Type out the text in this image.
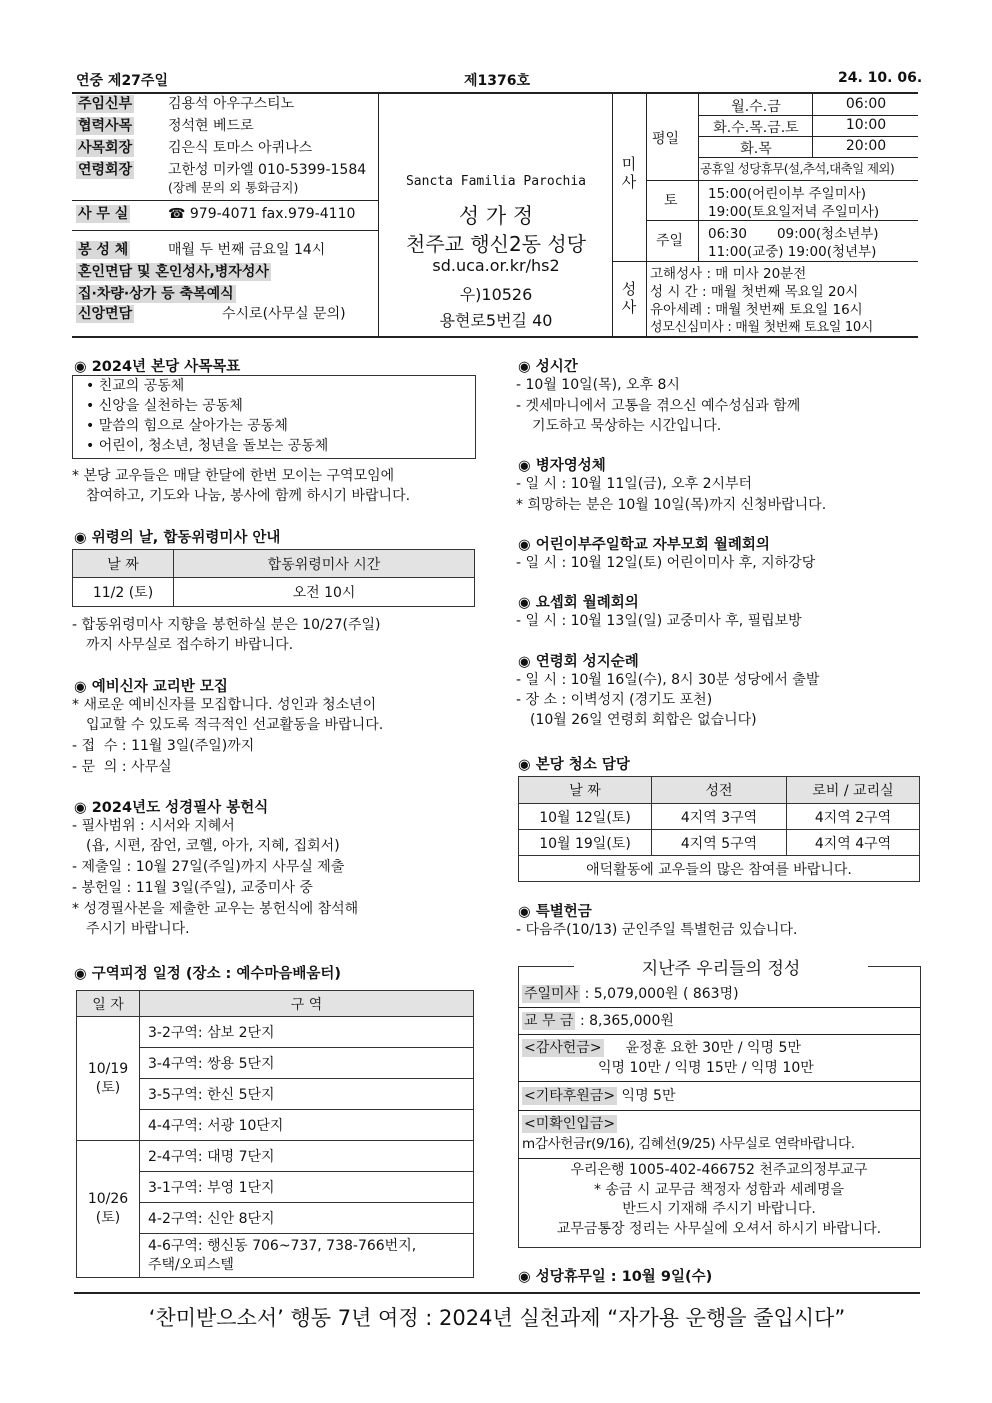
연중 제27주일	제1376호	24. 10. 06.
주임신부	김용석 아우구스티노
협력사목	정석현 베드로
사목회장	김은식 토마스 아퀴나스
연령회장	고한성 미카엘 010-5399-1584
(장례 문의 외 통화금지)
사 무 실	☎ 979-4071 fax.979-4110
봉 성 체	매월 두 번째 금요일 14시
혼인면담 및 혼인성사,병자성사
집·차량·상가 등 축복예식
신앙면담	수시로(사무실 문의)
Sancta Familia Parochia
성 가 정
천주교 행신2동 성당
sd.uca.or.kr/hs2
우)10526
용현로5번길 40
미사
평일
월.수.금	06:00
화.수.목.금.토	10:00
화.목	20:00
공휴일 성당휴무(설,추석,대축일 제외)
토 15:00(어린이부 주일미사)
19:00(토요일저녁 주일미사)
주일 06:30       09:00(청소년부)
11:00(교중) 19:00(청년부)
성사
고해성사 : 매 미사 20분전
성 시 간 : 매월 첫번째 목요일 20시
유아세례 : 매월 첫번째 토요일 16시
성모신심미사 : 매월 첫번째 토요일 10시
◉ 2024년 본당 사목목표
• 친교의 공동체
• 신앙을 실천하는 공동체
• 말씀의 힘으로 살아가는 공동체
• 어린이, 청소년, 청년을 돌보는 공동체
* 본당 교우들은 매달 한달에 한번 모이는 구역모임에
참여하고, 기도와 나눔, 봉사에 함께 하시기 바랍니다.
◉ 위령의 날, 합동위령미사 안내
날 짜	합동위령미사 시간
11/2 (토)	오전 10시
- 합동위령미사 지향을 봉헌하실 분은 10/27(주일)
까지 사무실로 접수하기 바랍니다.
◉ 예비신자 교리반 모집
* 새로운 예비신자를 모집합니다. 성인과 청소년이
입교할 수 있도록 적극적인 선교활동을 바랍니다.
- 접  수 : 11월 3일(주일)까지
- 문  의 : 사무실
◉ 2024년도 성경필사 봉헌식
- 필사범위 : 시서와 지혜서
(욥, 시편, 잠언, 코헬, 아가, 지혜, 집회서)
- 제출일 : 10월 27일(주일)까지 사무실 제출
- 봉헌일 : 11월 3일(주일), 교중미사 중
* 성경필사본을 제출한 교우는 봉헌식에 참석해
주시기 바랍니다.
◉ 구역피정 일정 (장소 : 예수마음배움터)
일 자	구 역

10/19
(토)	3-2구역: 삼보 2단지
	3-4구역: 쌍용 5단지
	3-5구역: 한신 5단지
	4-4구역: 서광 10단지

10/26
(토)	2-4구역: 대명 7단지
	3-1구역: 부영 1단지
	4-2구역: 신안 8단지

	4-6구역: 행신동 706~737, 738-766번지,
주택/오피스텔
◉ 성시간
- 10월 10일(목), 오후 8시
- 겟세마니에서 고통을 겪으신 예수성심과 함께
기도하고 묵상하는 시간입니다.
◉ 병자영성체
- 일 시 : 10월 11일(금), 오후 2시부터
* 희망하는 분은 10월 10일(목)까지 신청바랍니다.
◉ 어린이부주일학교 자부모회 월례회의
- 일 시 : 10월 12일(토) 어린이미사 후, 지하강당
◉ 요셉회 월례회의
- 일 시 : 10월 13일(일) 교중미사 후, 필립보방
◉ 연령회 성지순례
- 일 시 : 10월 16일(수), 8시 30분 성당에서 출발
- 장 소 : 이벽성지 (경기도 포천)
(10월 26일 연령회 회합은 없습니다)
◉ 본당 청소 담당
날 짜	성전	로비 / 교리실
10월 12일(토)	4지역 3구역	4지역 2구역
10월 19일(토)	4지역 5구역	4지역 4구역
애덕활동에 교우들의 많은 참여를 바랍니다.		
◉ 특별헌금
- 다음주(10/13) 군인주일 특별헌금 있습니다.
지난주 우리들의 정성
주일미사 : 5,079,000원 ( 863명)
교 무 금 : 8,365,000원
<감사헌금> 윤정훈 요한 30만 / 익명 5만
익명 10만 / 익명 15만 / 익명 10만
<기타후원금> 익명 5만
<미확인입금>
m감사헌금r(9/16), 김혜선(9/25) 사무실로 연락바랍니다.
우리은행 1005-402-466752 천주교의정부교구
* 송금 시 교무금 책정자 성함과 세례명을
반드시 기재해 주시기 바랍니다.
교무금통장 정리는 사무실에 오셔서 하시기 바랍니다.
◉ 성당휴무일 : 10월 9일(수)
‘찬미받으소서’ 행동 7년 여정 : 2024년 실천과제 “자가용 운행을 줄입시다”
